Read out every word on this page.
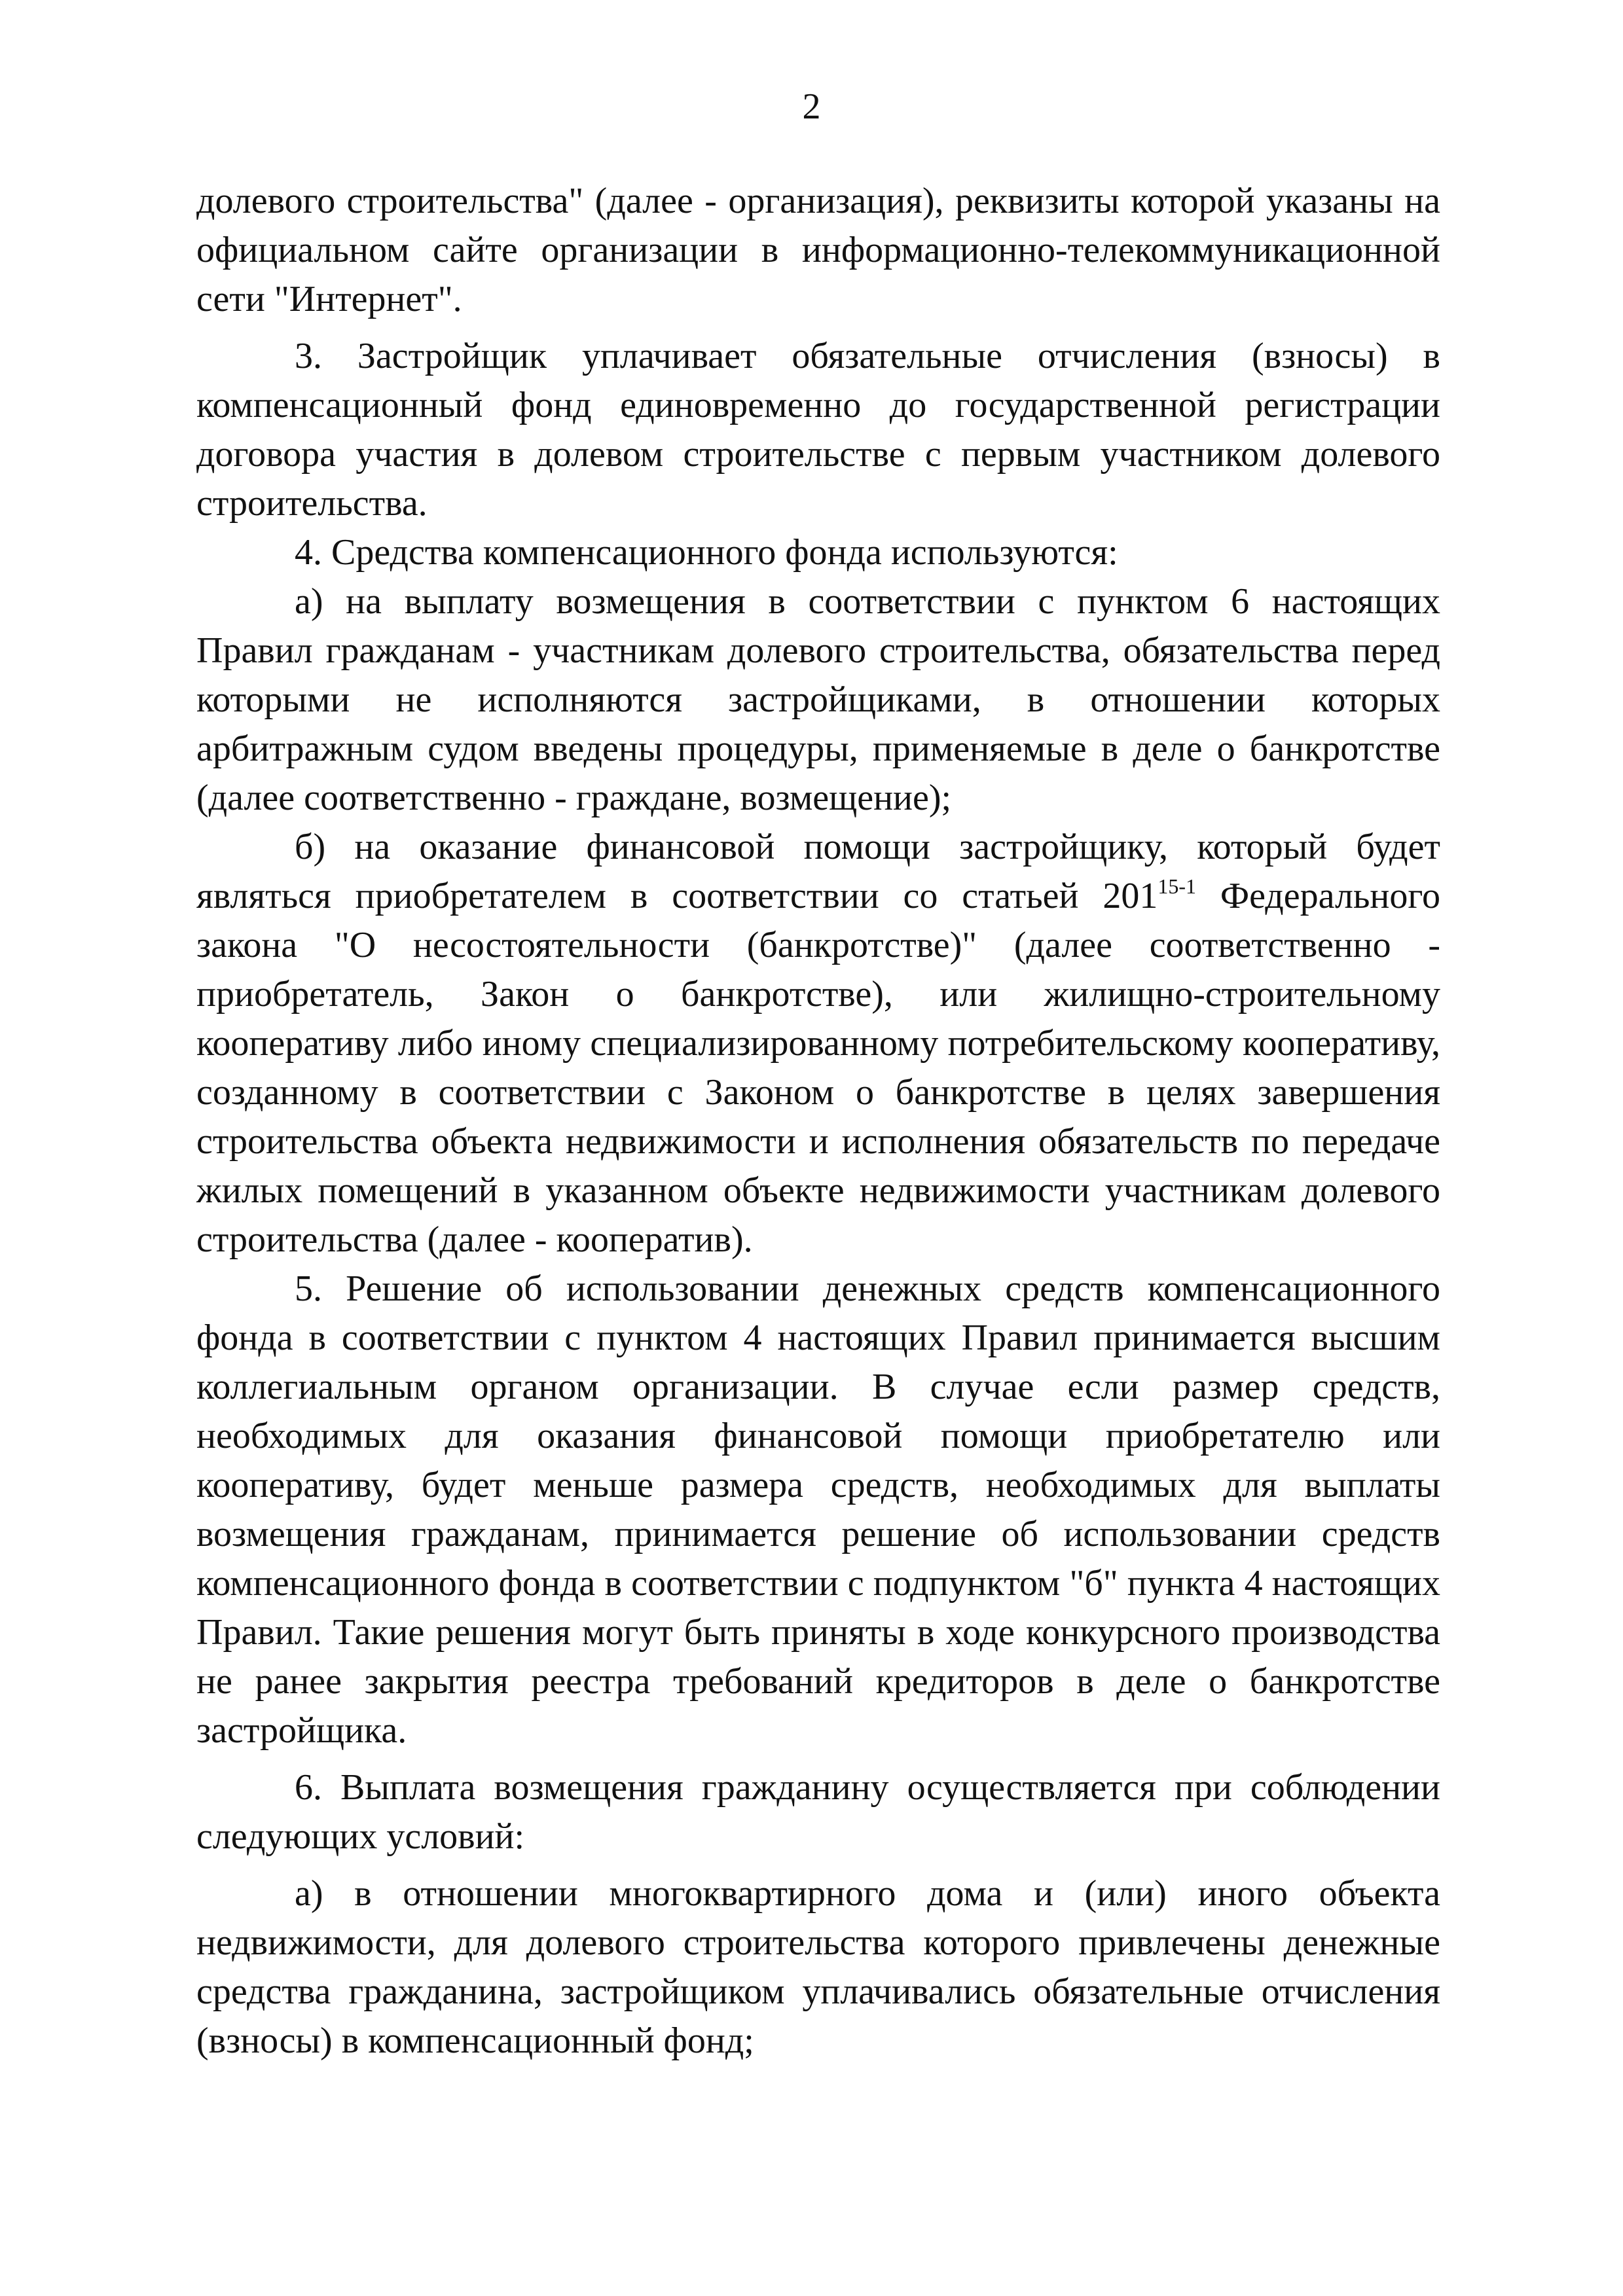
2

долевого строительства" (далее - организация), реквизиты которой указаны на официальном сайте организации в информационно-телекоммуникационной сети "Интернет".

3. Застройщик уплачивает обязательные отчисления (взносы) в компенсационный фонд единовременно до государственной регистрации договора участия в долевом строительстве с первым участником долевого строительства.

4. Средства компенсационного фонда используются:

а) на выплату возмещения в соответствии с пунктом 6 настоящих Правил гражданам - участникам долевого строительства, обязательства перед которыми не исполняются застройщиками, в отношении которых арбитражным судом введены процедуры, применяемые в деле о банкротстве (далее соответственно - граждане, возмещение);

б) на оказание финансовой помощи застройщику, который будет являться приобретателем в соответствии со статьей 201$^{15-1}$ Федерального закона "О несостоятельности (банкротстве)" (далее соответственно - приобретатель, Закон о банкротстве), или жилищно-строительному кооперативу либо иному специализированному потребительскому кооперативу, созданному в соответствии с Законом о банкротстве в целях завершения строительства объекта недвижимости и исполнения обязательств по передаче жилых помещений в указанном объекте недвижимости участникам долевого строительства (далее - кооператив).

5. Решение об использовании денежных средств компенсационного фонда в соответствии с пунктом 4 настоящих Правил принимается высшим коллегиальным органом организации. В случае если размер средств, необходимых для оказания финансовой помощи приобретателю или кооперативу, будет меньше размера средств, необходимых для выплаты возмещения гражданам, принимается решение об использовании средств компенсационного фонда в соответствии с подпунктом "б" пункта 4 настоящих Правил. Такие решения могут быть приняты в ходе конкурсного производства не ранее закрытия реестра требований кредиторов в деле о банкротстве застройщика.

6. Выплата возмещения гражданину осуществляется при соблюдении следующих условий:

а) в отношении многоквартирного дома и (или) иного объекта недвижимости, для долевого строительства которого привлечены денежные средства гражданина, застройщиком уплачивались обязательные отчисления (взносы) в компенсационный фонд;
